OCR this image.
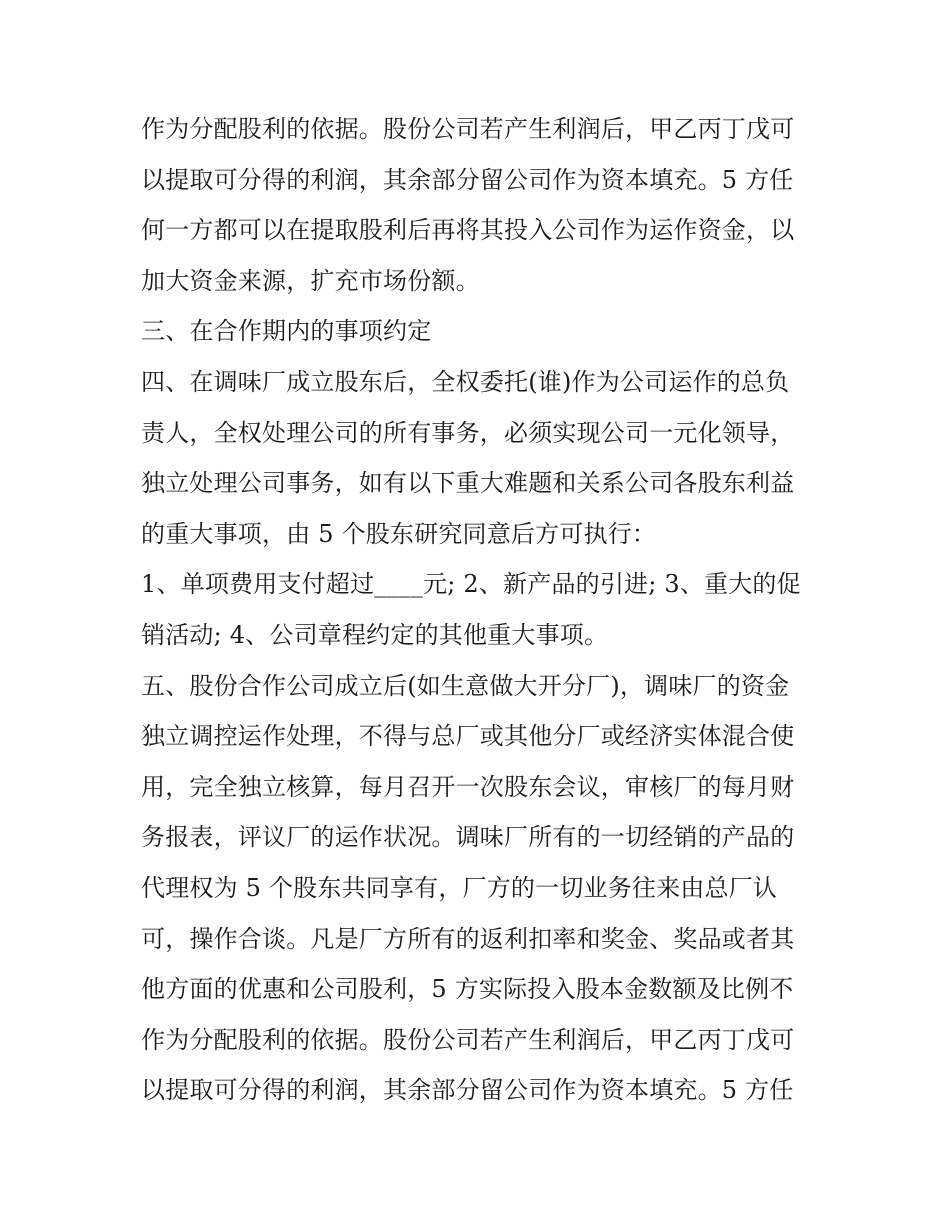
作为分配股利的依据。股份公司若产生利润后，甲乙丙丁戊可
以提取可分得的利润，其余部分留公司作为资本填充。5 方任
何一方都可以在提取股利后再将其投入公司作为运作资金，以
加大资金来源，扩充市场份额。
三、在合作期内的事项约定
四、在调味厂成立股东后，全权委托(谁)作为公司运作的总负
责人，全权处理公司的所有事务，必须实现公司一元化领导，
独立处理公司事务，如有以下重大难题和关系公司各股东利益
的重大事项，由 5 个股东研究同意后方可执行：
1、单项费用支付超过____元; 2、新产品的引进; 3、重大的促
销活动; 4、公司章程约定的其他重大事项。
五、股份合作公司成立后(如生意做大开分厂)，调味厂的资金
独立调控运作处理，不得与总厂或其他分厂或经济实体混合使
用，完全独立核算，每月召开一次股东会议，审核厂的每月财
务报表，评议厂的运作状况。调味厂所有的一切经销的产品的
代理权为 5 个股东共同享有，厂方的一切业务往来由总厂认
可，操作合谈。凡是厂方所有的返利扣率和奖金、奖品或者其
他方面的优惠和公司股利，5 方实际投入股本金数额及比例不
作为分配股利的依据。股份公司若产生利润后，甲乙丙丁戊可
以提取可分得的利润，其余部分留公司作为资本填充。5 方任
